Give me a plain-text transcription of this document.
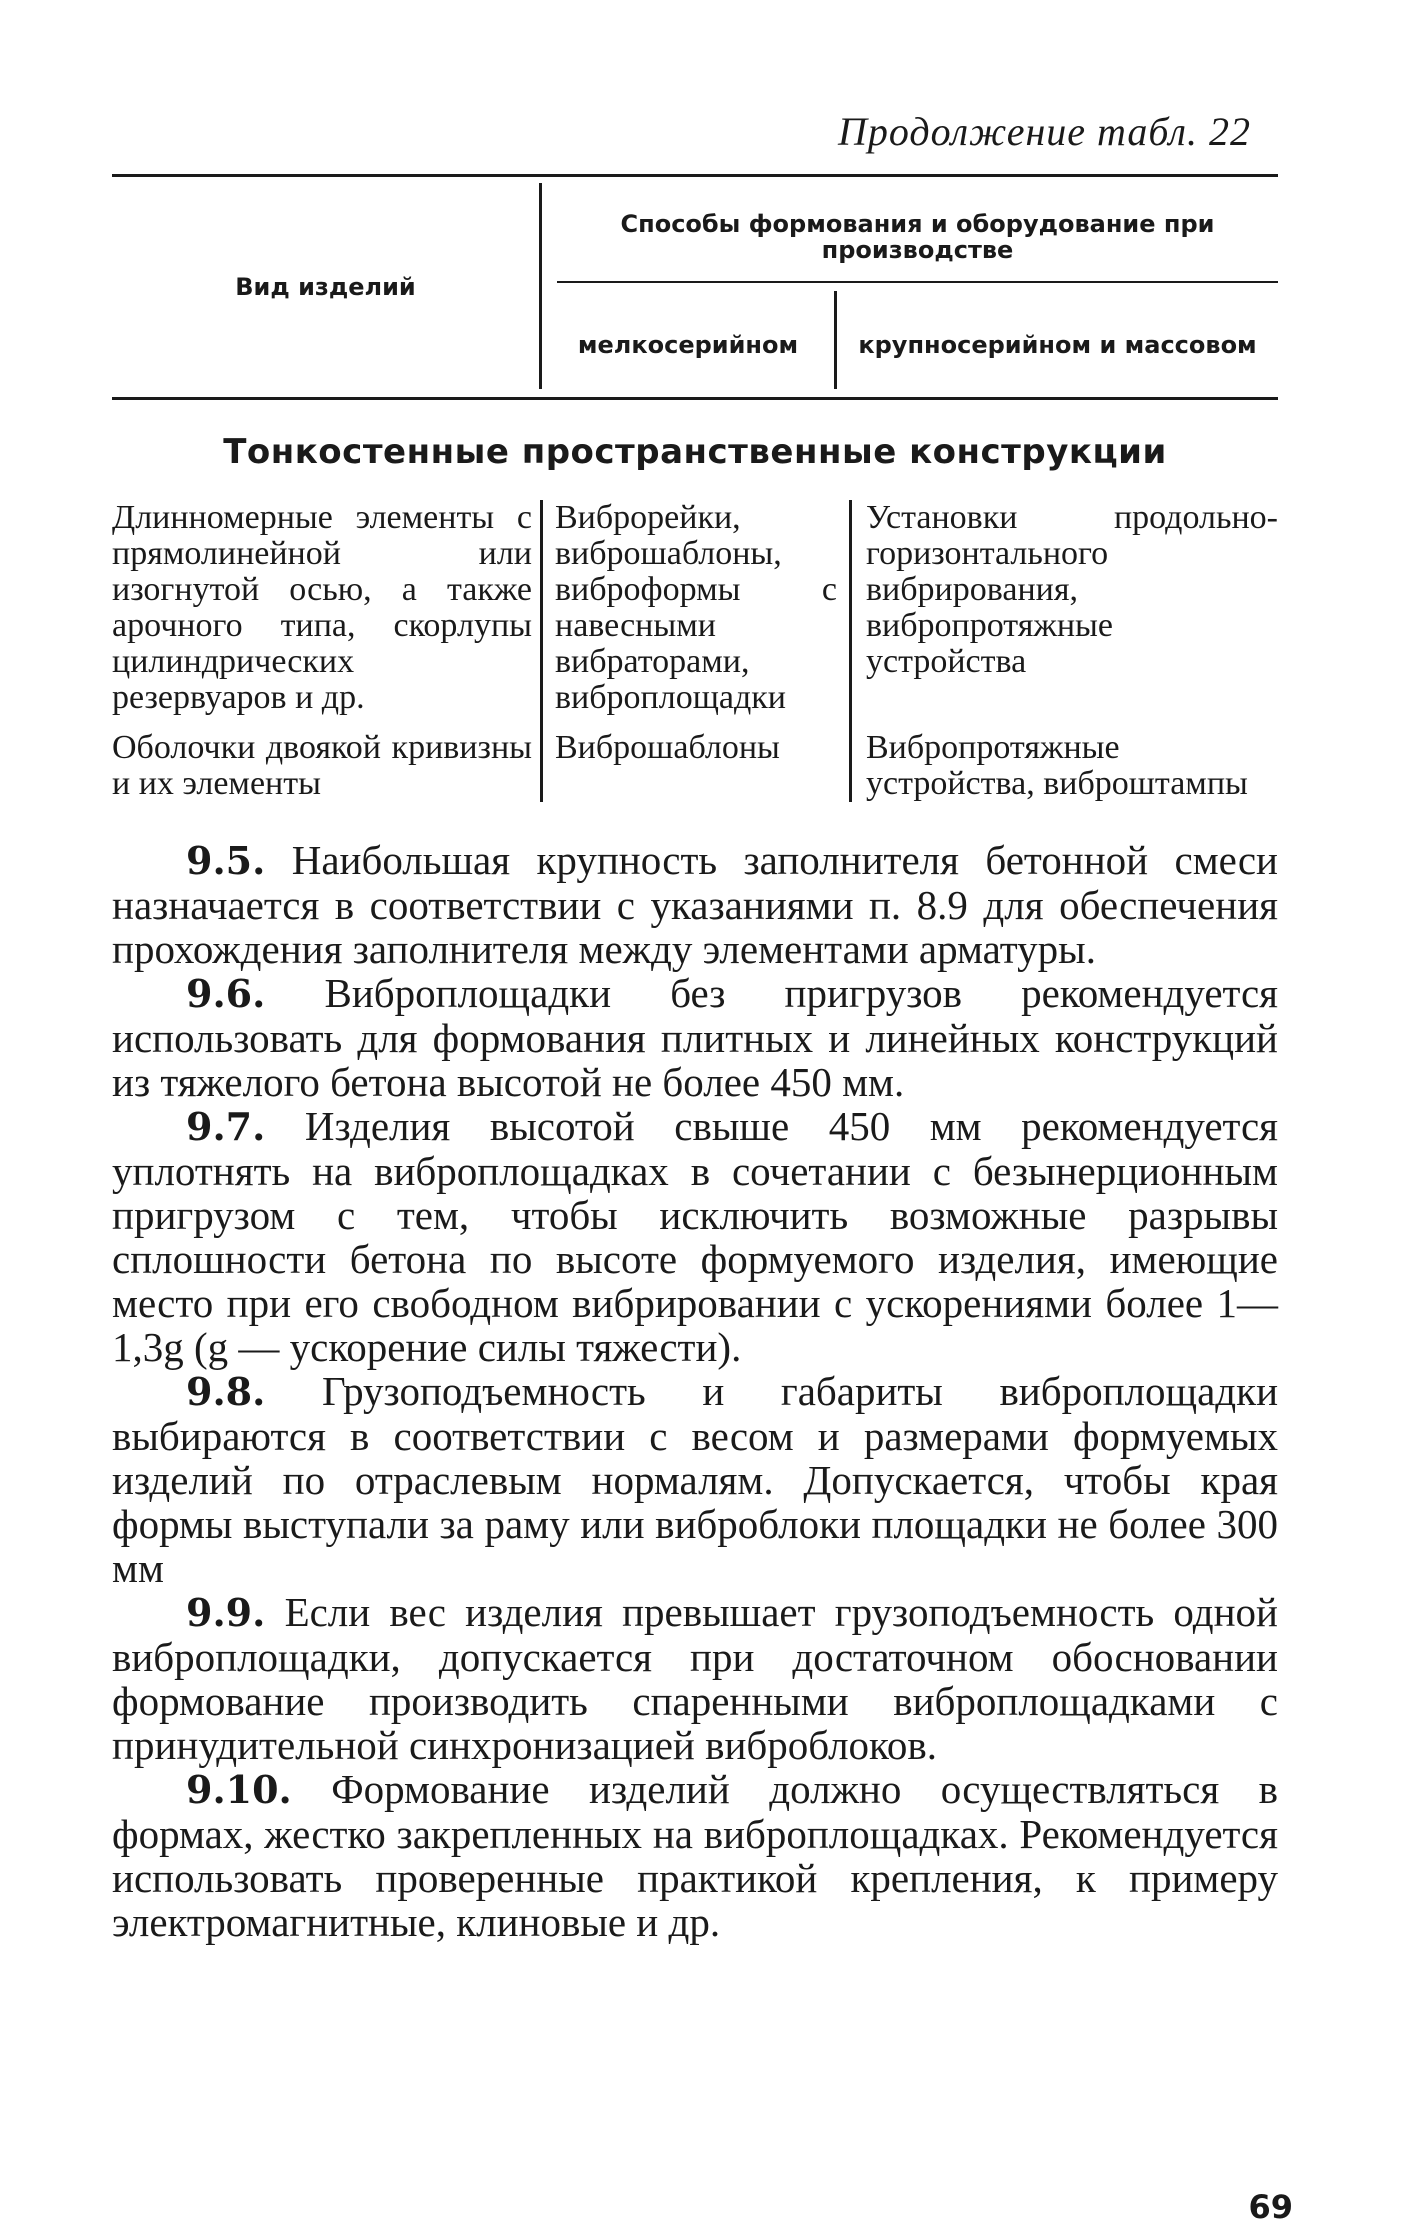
Продолжение табл. 22
Вид изделий
Способы формования и оборудование при производстве
мелкосерийном	крупносерийном и массовом
Тонкостенные пространственные конструкции
Длинномерные элементы с прямолинейной или изогнутой осью, а также арочного типа, скорлупы цилиндрических резервуаров и др.
Виброрейки, виброшаблоны, виброформы с навесными вибраторами, виброплощадки
Установки продольно-горизонтального вибрирования, вибропротяжные устройства
Оболочки двоякой кривизны и их элементы
Виброшаблоны	Вибропротяжные устройства, виброштампы

9.5. Наибольшая крупность заполнителя бетонной смеси назначается в соответствии с указаниями п. 8.9 для обеспечения прохождения заполнителя между элементами арматуры.

9.6. Виброплощадки без пригрузов рекомендуется использовать для формования плитных и линейных конструкций из тяжелого бетона высотой не более 450 мм.

9.7. Изделия высотой свыше 450 мм рекомендуется уплотнять на виброплощадках в сочетании с безынерционным пригрузом с тем, чтобы исключить возможные разрывы сплошности бетона по высоте формуемого изделия, имеющие место при его свободном вибрировании с ускорениями более 1—1,3g (g — ускорение силы тяжести).

9.8. Грузоподъемность и габариты виброплощадки выбираются в соответствии с весом и размерами формуемых изделий по отраслевым нормалям. Допускается, чтобы края формы выступали за раму или виброблоки площадки не более 300 мм

9.9. Если вес изделия превышает грузоподъемность одной виброплощадки, допускается при достаточном обосновании формование производить спаренными виброплощадками с принудительной синхронизацией виброблоков.

9.10. Формование изделий должно осуществляться в формах, жестко закрепленных на виброплощадках. Рекомендуется использовать проверенные практикой крепления, к примеру электромагнитные, клиновые и др.

69
